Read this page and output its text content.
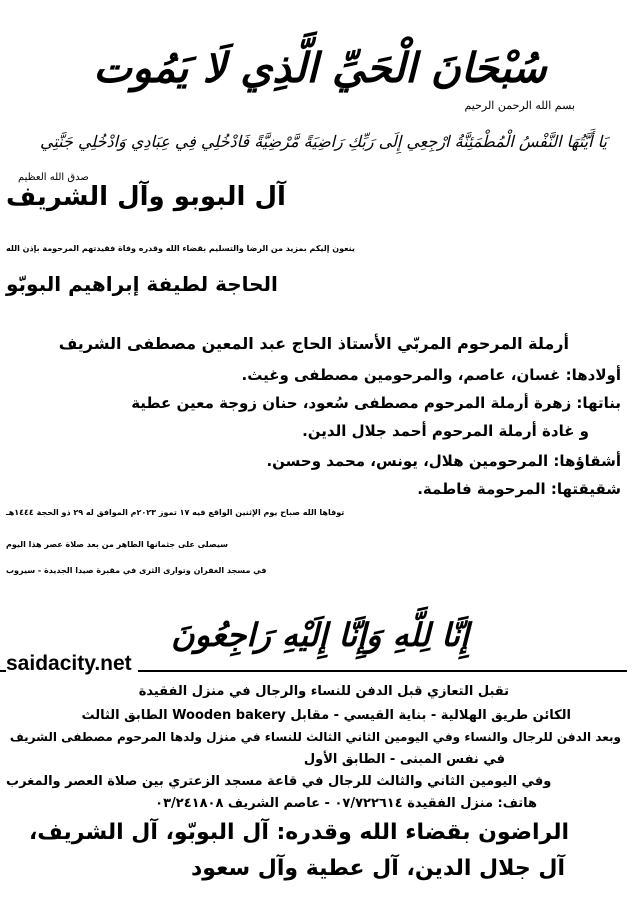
سُبْحَانَ الْحَيِّ الَّذِي لَا يَمُوت
بسم الله الرحمن الرحيم
يَا أَيَّتُهَا النَّفْسُ الْمُطْمَئِنَّةُ ارْجِعِي إِلَى رَبِّكِ رَاضِيَةً مَّرْضِيَّةً فَادْخُلِي فِي عِبَادِي وَادْخُلِي جَنَّتِي
صدق الله العظيم
آل البوبو وآل الشريف
ينعون إليكم بمزيد من الرضا والتسليم بقضاء الله وقدره وفاة فقيدتهم المرحومة بإذن الله
الحاجة لطيفة إبراهيم البوبّو
أرملة المرحوم المربّي الأستاذ الحاج عبد المعين مصطفى الشريف
أولادها: غسان، عاصم، والمرحومين مصطفى وغيث.
بناتها: زهرة أرملة المرحوم مصطفى سُعود، حنان زوجة معين عطية
و غادة أرملة المرحوم أحمد جلال الدين.
أشقاؤها: المرحومين هلال، يونس، محمد وحسن.
شقيقتها: المرحومة فاطمة.
توفاها الله صباح يوم الإثنين الواقع فيه ١٧ تموز ٢٠٢٣م الموافق له ٢٩ ذو الحجة ١٤٤٤هـ
سيصلى على جثمانها الطاهر من بعد صلاة عصر هذا اليوم
في مسجد الغفران وتوارى الثرى في مقبرة صيدا الجديدة - سيروب
إِنَّا لِلَّهِ وَإِنَّا إِلَيْهِ رَاجِعُونَ
saidacity.net
تقبل التعازي قبل الدفن للنساء والرجال في منزل الفقيدة
الكائن طريق الهلالية - بناية القيسي - مقابل Wooden bakery الطابق الثالث
وبعد الدفن للرجال والنساء وفي اليومين الثاني الثالث للنساء في منزل ولدها المرحوم مصطفى الشريف
في نفس المبنى - الطابق الأول
وفي اليومين الثاني والثالث للرجال في قاعة مسجد الزعتري بين صلاة العصر والمغرب
هاتف: منزل الفقيدة ٠٧/٧٢٢٦١٤ - عاصم الشريف ٠٣/٢٤١٨٠٨
الراضون بقضاء الله وقدره: آل البوبّو، آل الشريف،
آل جلال الدين، آل عطية وآل سعود
